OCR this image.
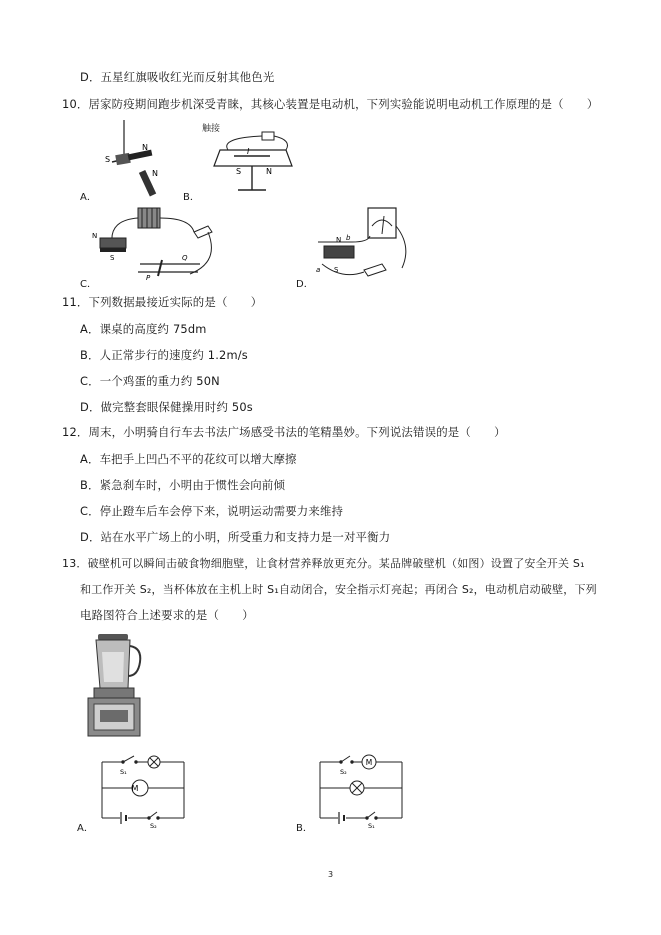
D．五星红旗吸收红光而反射其他色光
10．居家防疫期间跑步机深受青睐，其核心装置是电动机，下列实验能说明电动机工作原理的是（　　）
S
N
N
A．
触接
I
S	N
B．
N
S
P
Q
C．
N b
a S
D．
11．下列数据最接近实际的是（　　）
A．课桌的高度约 75dm
B．人正常步行的速度约 1.2m/s
C．一个鸡蛋的重力约 50N
D．做完整套眼保健操用时约 50s
12．周末，小明骑自行车去书法广场感受书法的笔精墨妙。下列说法错误的是（　　）
A．车把手上凹凸不平的花纹可以增大摩擦
B．紧急刹车时，小明由于惯性会向前倾
C．停止蹬车后车会停下来，说明运动需要力来维持
D．站在水平广场上的小明，所受重力和支持力是一对平衡力
13．破壁机可以瞬间击破食物细胞壁，让食材营养释放更充分。某品牌破壁机（如图）设置了安全开关 S₁
和工作开关 S₂，当杯体放在主机上时 S₁自动闭合，安全指示灯亮起；再闭合 S₂，电动机启动破壁，下列
电路图符合上述要求的是（　　）
M
S₁
S₂
A．
M
S₂
S₁
B．
3
